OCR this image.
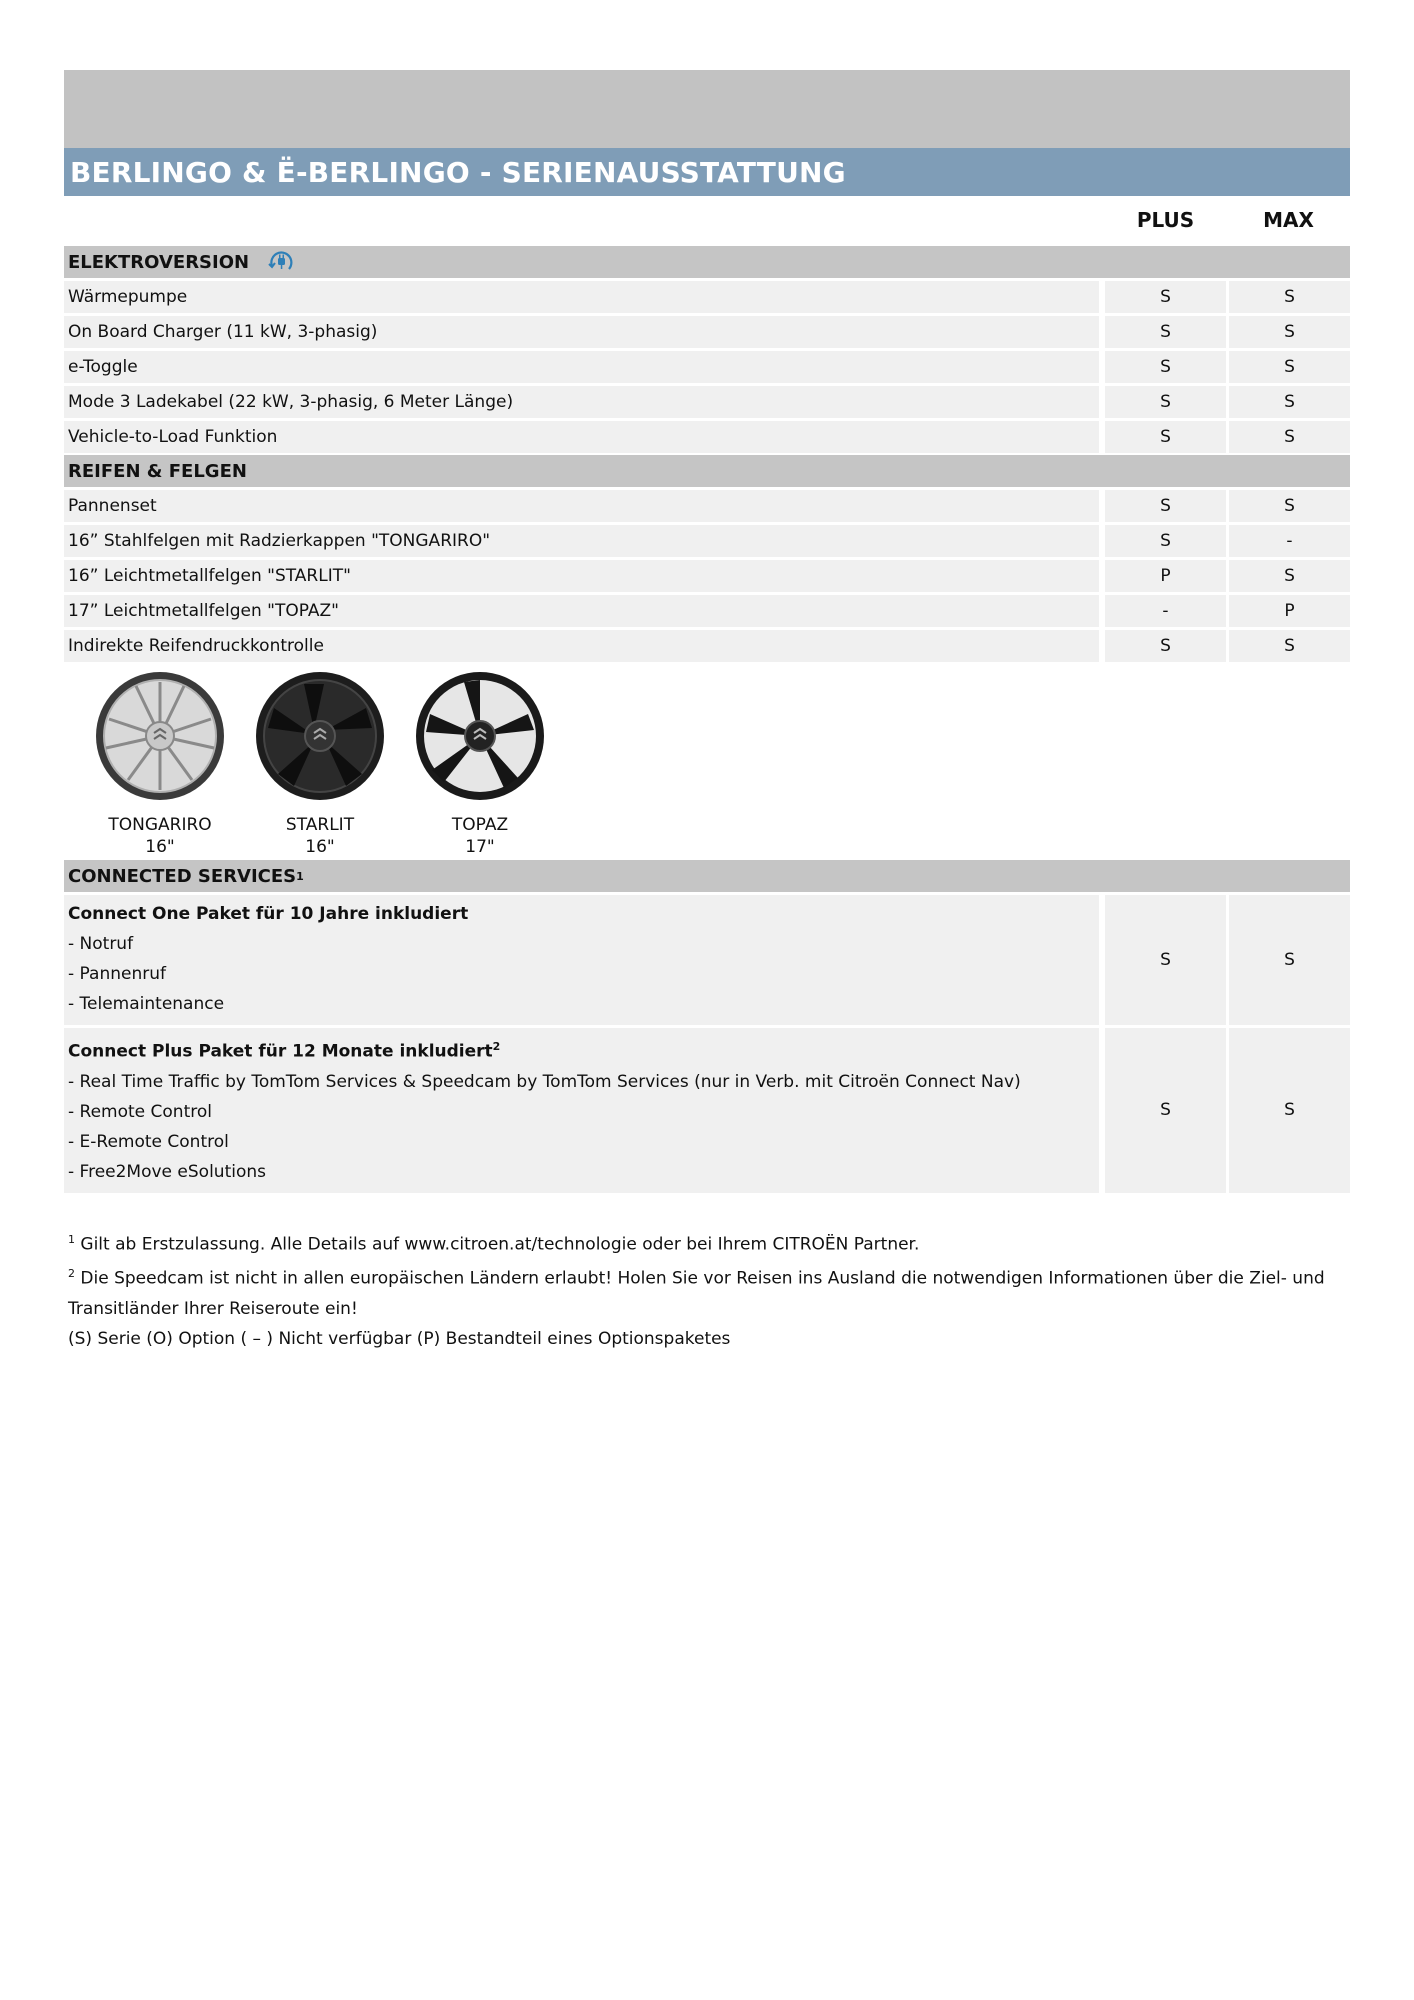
BERLINGO & Ë-BERLINGO - SERIENAUSSTATTUNG
PLUS	MAX
ELEKTROVERSION
Wärmepumpe	S	S
On Board Charger (11 kW, 3-phasig)	S	S
e-Toggle	S	S
Mode 3 Ladekabel (22 kW, 3-phasig, 6 Meter Länge)	S	S
Vehicle-to-Load Funktion	S	S
REIFEN & FELGEN
Pannenset	S	S
16” Stahlfelgen mit Radzierkappen "TONGARIRO"	S	-
16” Leichtmetallfelgen "STARLIT"	P	S
17” Leichtmetallfelgen "TOPAZ"	-	P
Indirekte Reifendruckkontrolle	S	S
TONGARIRO
16"
STARLIT
16"
TOPAZ
17"
CONNECTED SERVICES 1
Connect One Paket für 10 Jahre inkludiert
- Notruf
- Pannenruf
- Telemaintenance
S	S
Connect Plus Paket für 12 Monate inkludiert$^2$
- Real Time Traffic by TomTom Services & Speedcam by TomTom Services (nur in Verb. mit Citroën Connect Nav)
- Remote Control
- E-Remote Control
- Free2Move eSolutions
S	S
$^1$ Gilt ab Erstzulassung. Alle Details auf www.citroen.at/technologie oder bei Ihrem CITROËN Partner.
$^2$ Die Speedcam ist nicht in allen europäischen Ländern erlaubt! Holen Sie vor Reisen ins Ausland die notwendigen Informationen über die Ziel- und Transitländer Ihrer Reiseroute ein!
(S) Serie (O) Option ( – ) Nicht verfügbar (P) Bestandteil eines Optionspaketes
